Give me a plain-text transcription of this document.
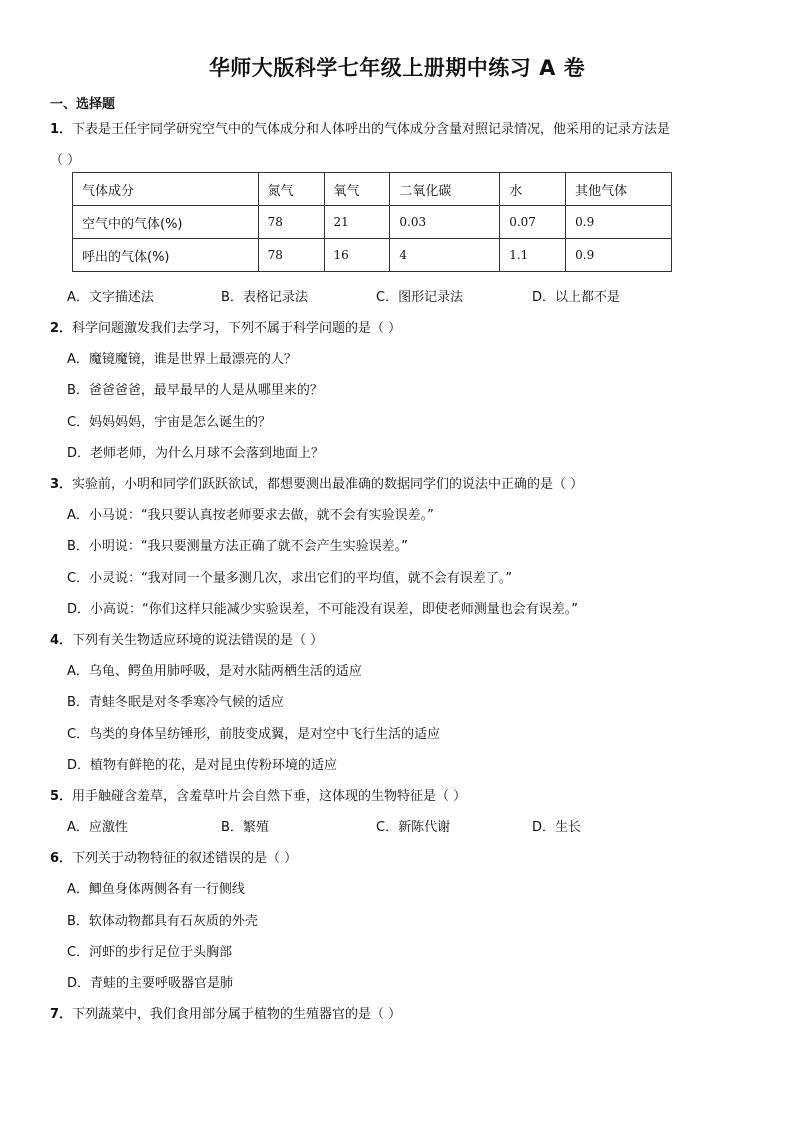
华师大版科学七年级上册期中练习 A 卷
一、选择题
1．下表是王任宇同学研究空气中的气体成分和人体呼出的气体成分含量对照记录情况，他采用的记录方法是
（ ）
气体成分	氮气	氧气	二氧化碳	水	其他气体
空气中的气体(%)	78	21	0.03	0.07	0.9
呼出的气体(%)	78	16	4	1.1	0.9
A．文字描述法	B．表格记录法	C．图形记录法	D．以上都不是
2．科学问题激发我们去学习，下列不属于科学问题的是（ ）
A．魔镜魔镜，谁是世界上最漂亮的人？
B．爸爸爸爸，最早最早的人是从哪里来的？
C．妈妈妈妈，宇宙是怎么诞生的？
D．老师老师，为什么月球不会落到地面上？
3．实验前，小明和同学们跃跃欲试，都想要测出最准确的数据同学们的说法中正确的是（ ）
A．小马说：“我只要认真按老师要求去做，就不会有实验误差。”
B．小明说：“我只要测量方法正确了就不会产生实验误差。”
C．小灵说：“我对同一个量多测几次，求出它们的平均值，就不会有误差了。”
D．小高说：“你们这样只能减少实验误差，不可能没有误差，即使老师测量也会有误差。”
4．下列有关生物适应环境的说法错误的是（ ）
A．乌龟、鳄鱼用肺呼吸，是对水陆两栖生活的适应
B．青蛙冬眠是对冬季寒冷气候的适应
C．鸟类的身体呈纺锤形，前肢变成翼，是对空中飞行生活的适应
D．植物有鲜艳的花，是对昆虫传粉环境的适应
5．用手触碰含羞草，含羞草叶片会自然下垂，这体现的生物特征是（ ）
A．应激性	B．繁殖	C．新陈代谢	D．生长
6．下列关于动物特征的叙述错误的是（ ）
A．鲫鱼身体两侧各有一行侧线
B．软体动物都具有石灰质的外壳
C．河虾的步行足位于头胸部
D．青蛙的主要呼吸器官是肺
7．下列蔬菜中，我们食用部分属于植物的生殖器官的是（ ）
